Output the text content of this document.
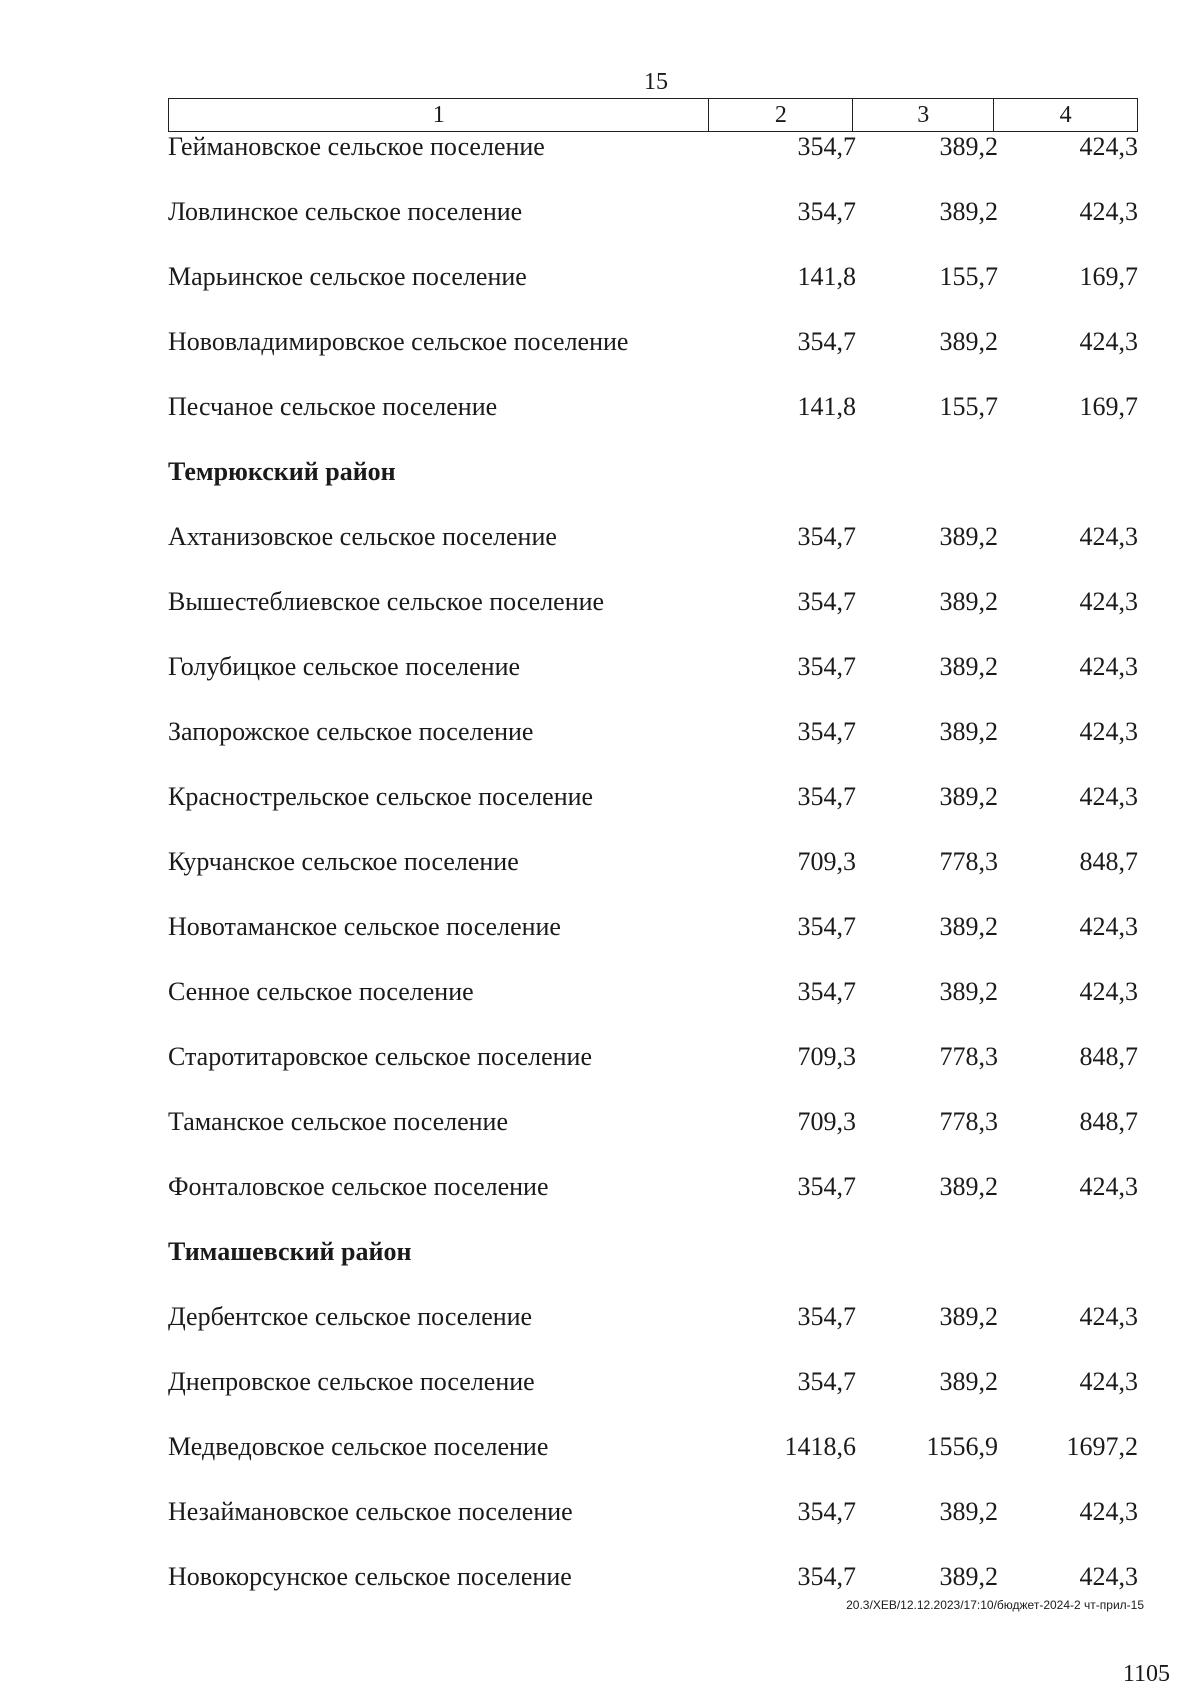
15
1	2	3	4
Геймановское сельское поселение	354,7	389,2	424,3
Ловлинское сельское поселение	354,7	389,2	424,3
Марьинское сельское поселение	141,8	155,7	169,7
Нововладимировское сельское поселение	354,7	389,2	424,3
Песчаное сельское поселение	141,8	155,7	169,7
Темрюкский район
Ахтанизовское сельское поселение	354,7	389,2	424,3
Вышестеблиевское сельское поселение	354,7	389,2	424,3
Голубицкое сельское поселение	354,7	389,2	424,3
Запорожское сельское поселение	354,7	389,2	424,3
Краснострельское сельское поселение	354,7	389,2	424,3
Курчанское сельское поселение	709,3	778,3	848,7
Новотаманское сельское поселение	354,7	389,2	424,3
Сенное сельское поселение	354,7	389,2	424,3
Старотитаровское сельское поселение	709,3	778,3	848,7
Таманское сельское поселение	709,3	778,3	848,7
Фонталовское сельское поселение	354,7	389,2	424,3
Тимашевский район
Дербентское сельское поселение	354,7	389,2	424,3
Днепровское сельское поселение	354,7	389,2	424,3
Медведовское сельское поселение	1418,6	1556,9	1697,2
Незаймановское сельское поселение	354,7	389,2	424,3
Новокорсунское сельское поселение	354,7	389,2	424,3
20.3/XEB/12.12.2023/17:10/бюджет-2024-2 чт-прил-15
1105
